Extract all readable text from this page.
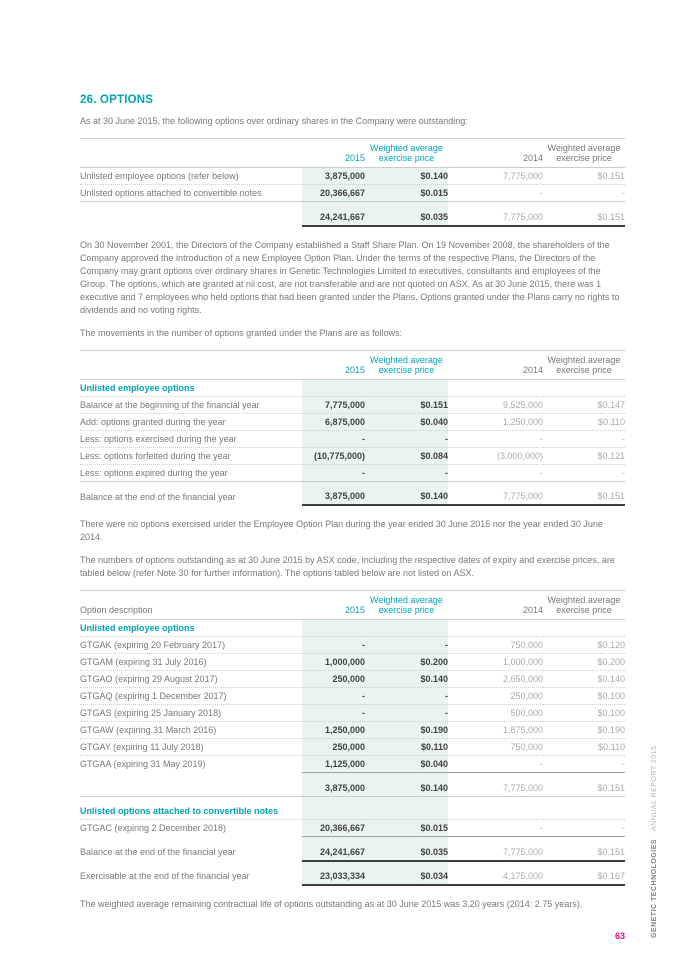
26. OPTIONS
As at 30 June 2015, the following options over ordinary shares in the Company were outstanding:
	2015	Weighted average exercise price	2014	Weighted average exercise price
Unlisted employee options (refer below)	3,875,000	$0.140	7,775,000	$0.151
Unlisted options attached to convertible notes	20,366,667	$0.015	-	-

	24,241,667	$0.035	7,775,000	$0.151
On 30 November 2001, the Directors of the Company established a Staff Share Plan. On 19 November 2008, the shareholders of the Company approved the introduction of a new Employee Option Plan. Under the terms of the respective Plans, the Directors of the Company may grant options over ordinary shares in Genetic Technologies Limited to executives, consultants and employees of the Group. The options, which are granted at nil cost, are not transferable and are not quoted on ASX. As at 30 June 2015, there was 1 executive and 7 employees who held options that had been granted under the Plans. Options granted under the Plans carry no rights to dividends and no voting rights.
The movements in the number of options granted under the Plans are as follows:
	2015	Weighted average exercise price	2014	Weighted average exercise price
Unlisted employee options				
Balance at the beginning of the financial year	7,775,000	$0.151	9,525,000	$0.147
Add: options granted during the year	6,875,000	$0.040	1,250,000	$0.110
Less: options exercised during the year	-	-	-	-
Less: options forfeited during the year	(10,775,000)	$0.084	(3,000,000)	$0.121
Less: options expired during the year	-	-	-	-

Balance at the end of the financial year	3,875,000	$0.140	7,775,000	$0.151
There were no options exercised under the Employee Option Plan during the year ended 30 June 2015 nor the year ended 30 June 2014.
The numbers of options outstanding as at 30 June 2015 by ASX code, including the respective dates of expiry and exercise prices, are tabled below (refer Note 30 for further information). The options tabled below are not listed on ASX.
Option description	2015	Weighted average exercise price	2014	Weighted average exercise price
Unlisted employee options				
GTGAK (expiring 20 February 2017)	-	-	750,000	$0.120
GTGAM (expiring 31 July 2016)	1,000,000	$0.200	1,000,000	$0.200
GTGAO (expiring 29 August 2017)	250,000	$0.140	2,650,000	$0.140
GTGAQ (expiring 1 December 2017)	-	-	250,000	$0.100
GTGAS (expiring 25 January 2018)	-	-	500,000	$0.100
GTGAW (expiring 31 March 2016)	1,250,000	$0.190	1,875,000	$0.190
GTGAY (expiring 11 July 2018)	250,000	$0.110	750,000	$0.110
GTGAA (expiring 31 May 2019)	1,125,000	$0.040	-	-

	3,875,000	$0.140	7,775,000	$0.151

Unlisted options attached to convertible notes				
GTGAC (expiring 2 December 2018)	20,366,667	$0.015	-	-

Balance at the end of the financial year	24,241,667	$0.035	7,775,000	$0.151

Exercisable at the end of the financial year	23,033,334	$0.034	4,175,000	$0.167
The weighted average remaining contractual life of options outstanding as at 30 June 2015 was 3.20 years (2014: 2.75 years).	GENETIC TECHNOLOGIES ANNUAL REPORT 2015
63
